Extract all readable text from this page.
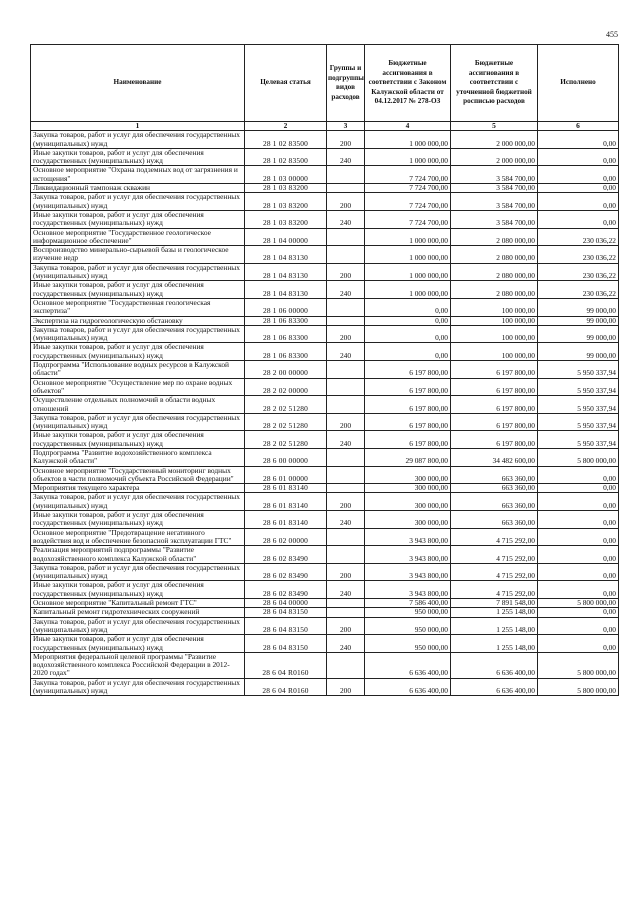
455
Наименование	Целевая статья	Группы и подгруппы видов расходов	Бюджетные ассигнования в соответствии с Законом Калужской области от 04.12.2017 № 278-ОЗ	Бюджетные ассигнования в соответствии с уточненной бюджетной росписью расходов	Исполнено
1	2	3	4	5	6
Закупка товаров, работ и услуг для обеспечения государственных (муниципальных) нужд	28 1 02 83500	200	1 000 000,00	2 000 000,00	0,00
Иные закупки товаров, работ и услуг для обеспечения государственных (муниципальных) нужд	28 1 02 83500	240	1 000 000,00	2 000 000,00	0,00
Основное мероприятие "Охрана подземных вод от загрязнения и истощения"	28 1 03 00000		7 724 700,00	3 584 700,00	0,00
Ликвидационный тампонаж скважин	28 1 03 83200		7 724 700,00	3 584 700,00	0,00
Закупка товаров, работ и услуг для обеспечения государственных (муниципальных) нужд	28 1 03 83200	200	7 724 700,00	3 584 700,00	0,00
Иные закупки товаров, работ и услуг для обеспечения государственных (муниципальных) нужд	28 1 03 83200	240	7 724 700,00	3 584 700,00	0,00
Основное мероприятие "Государственное геологическое информационное обеспечение"	28 1 04 00000		1 000 000,00	2 080 000,00	230 036,22
Воспроизводство минерально-сырьевой базы и геологическое изучение недр	28 1 04 83130		1 000 000,00	2 080 000,00	230 036,22
Закупка товаров, работ и услуг для обеспечения государственных (муниципальных) нужд	28 1 04 83130	200	1 000 000,00	2 080 000,00	230 036,22
Иные закупки товаров, работ и услуг для обеспечения государственных (муниципальных) нужд	28 1 04 83130	240	1 000 000,00	2 080 000,00	230 036,22
Основное мероприятие "Государственная геологическая экспертиза"	28 1 06 00000		0,00	100 000,00	99 000,00
Экспертиза на гидрогеологическую обстановку	28 1 06 83300		0,00	100 000,00	99 000,00
Закупка товаров, работ и услуг для обеспечения государственных (муниципальных) нужд	28 1 06 83300	200	0,00	100 000,00	99 000,00
Иные закупки товаров, работ и услуг для обеспечения государственных (муниципальных) нужд	28 1 06 83300	240	0,00	100 000,00	99 000,00
Подпрограмма "Использование водных ресурсов в Калужской области"	28 2 00 00000		6 197 800,00	6 197 800,00	5 950 337,94
Основное мероприятие "Осуществление мер по охране водных объектов"	28 2 02 00000		6 197 800,00	6 197 800,00	5 950 337,94
Осуществление отдельных полномочий в области водных отношений	28 2 02 51280		6 197 800,00	6 197 800,00	5 950 337,94
Закупка товаров, работ и услуг для обеспечения государственных (муниципальных) нужд	28 2 02 51280	200	6 197 800,00	6 197 800,00	5 950 337,94
Иные закупки товаров, работ и услуг для обеспечения государственных (муниципальных) нужд	28 2 02 51280	240	6 197 800,00	6 197 800,00	5 950 337,94
Подпрограмма "Развитие водохозяйственного комплекса Калужской области"	28 6 00 00000		29 087 800,00	34 482 600,00	5 800 000,00
Основное мероприятие "Государственный мониторинг водных объектов в части полномочий субъекта Российской Федерации"	28 6 01 00000		300 000,00	663 360,00	0,00
Мероприятия текущего характера	28 6 01 83140		300 000,00	663 360,00	0,00
Закупка товаров, работ и услуг для обеспечения государственных (муниципальных) нужд	28 6 01 83140	200	300 000,00	663 360,00	0,00
Иные закупки товаров, работ и услуг для обеспечения государственных (муниципальных) нужд	28 6 01 83140	240	300 000,00	663 360,00	0,00
Основное мероприятие "Предотвращение негативного воздействия вод и обеспечение безопасной эксплуатации ГТС"	28 6 02 00000		3 943 800,00	4 715 292,00	0,00
Реализация мероприятий подпрограммы "Развитие водохозяйственного комплекса Калужской области"	28 6 02 83490		3 943 800,00	4 715 292,00	0,00
Закупка товаров, работ и услуг для обеспечения государственных (муниципальных) нужд	28 6 02 83490	200	3 943 800,00	4 715 292,00	0,00
Иные закупки товаров, работ и услуг для обеспечения государственных (муниципальных) нужд	28 6 02 83490	240	3 943 800,00	4 715 292,00	0,00
Основное мероприятие "Капитальный ремонт ГТС"	28 6 04 00000		7 586 400,00	7 891 548,00	5 800 000,00
Капитальный ремонт гидротехнических сооружений	28 6 04 83150		950 000,00	1 255 148,00	0,00
Закупка товаров, работ и услуг для обеспечения государственных (муниципальных) нужд	28 6 04 83150	200	950 000,00	1 255 148,00	0,00
Иные закупки товаров, работ и услуг для обеспечения государственных (муниципальных) нужд	28 6 04 83150	240	950 000,00	1 255 148,00	0,00
Мероприятия федеральной целевой программы "Развитие водохозяйственного комплекса Российской Федерации в 2012-2020 годах"	28 6 04 R0160		6 636 400,00	6 636 400,00	5 800 000,00
Закупка товаров, работ и услуг для обеспечения государственных (муниципальных) нужд	28 6 04 R0160	200	6 636 400,00	6 636 400,00	5 800 000,00
